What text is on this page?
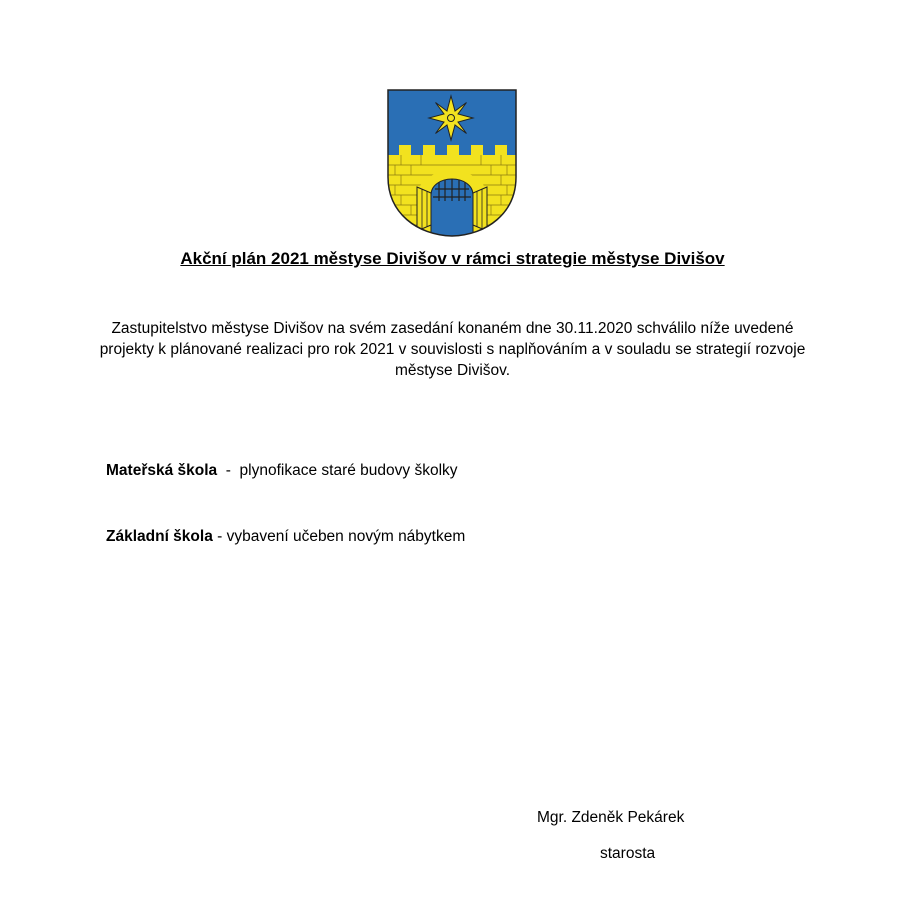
Akční plán 2021 městyse Divišov v rámci strategie městyse Divišov
Zastupitelstvo městyse Divišov na svém zasedání konaném dne 30.11.2020 schválilo níže uvedené projekty k plánované realizaci pro rok 2021 v souvislosti s naplňováním a v souladu se strategií rozvoje městyse Divišov.
Mateřská škola  -  plynofikace staré budovy školky
Základní škola - vybavení učeben novým nábytkem
Mgr. Zdeněk Pekárek
starosta
